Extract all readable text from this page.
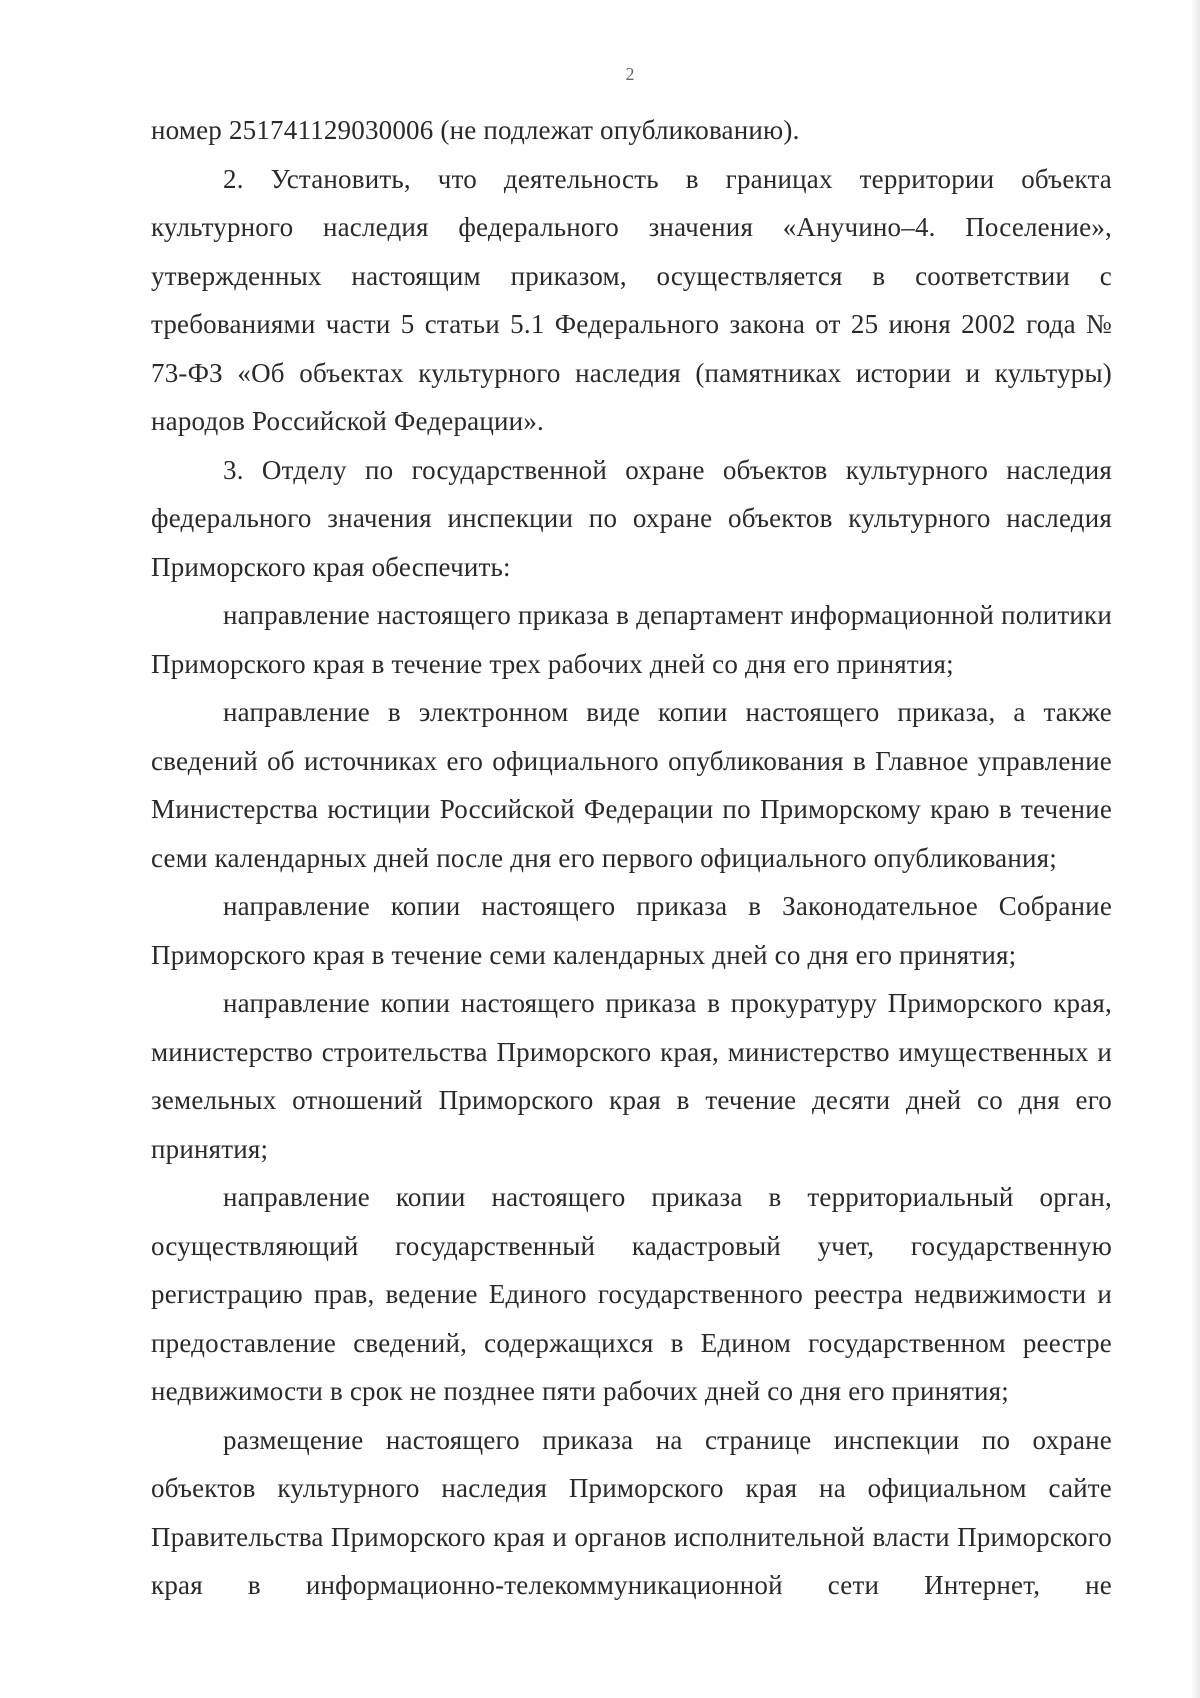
2

номер 251741129030006 (не подлежат опубликованию).

2. Установить, что деятельность в границах территории объекта культурного наследия федерального значения «Анучино–4. Поселение», утвержденных настоящим приказом, осуществляется в соответствии с требованиями части 5 статьи 5.1 Федерального закона от 25 июня 2002 года № 73-ФЗ «Об объектах культурного наследия (памятниках истории и культуры) народов Российской Федерации».

3. Отделу по государственной охране объектов культурного наследия федерального значения инспекции по охране объектов культурного наследия Приморского края обеспечить:

направление настоящего приказа в департамент информационной политики Приморского края в течение трех рабочих дней со дня его принятия;

направление в электронном виде копии настоящего приказа, а также сведений об источниках его официального опубликования в Главное управление Министерства юстиции Российской Федерации по Приморскому краю в течение семи календарных дней после дня его первого официального опубликования;

направление копии настоящего приказа в Законодательное Собрание Приморского края в течение семи календарных дней со дня его принятия;

направление копии настоящего приказа в прокуратуру Приморского края, министерство строительства Приморского края, министерство имущественных и земельных отношений Приморского края в течение десяти дней со дня его принятия;

направление копии настоящего приказа в территориальный орган, осуществляющий государственный кадастровый учет, государственную регистрацию прав, ведение Единого государственного реестра недвижимости и предоставление сведений, содержащихся в Едином государственном реестре недвижимости в срок не позднее пяти рабочих дней со дня его принятия;

размещение настоящего приказа на странице инспекции по охране объектов культурного наследия Приморского края на официальном сайте Правительства Приморского края и органов исполнительной власти Приморского края в информационно-телекоммуникационной сети Интернет, не
